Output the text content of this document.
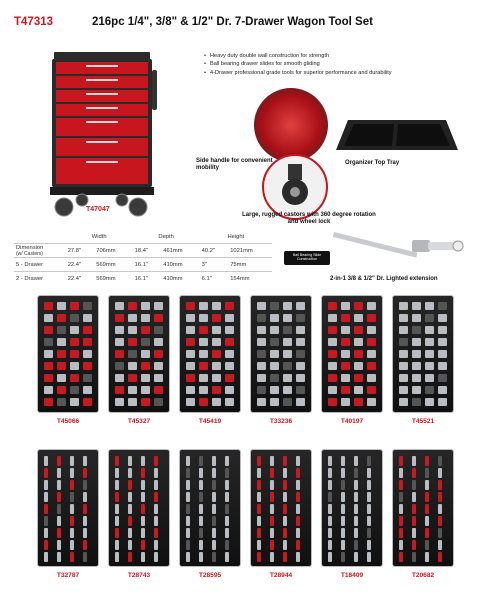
T47313	216pc 1/4", 3/8" & 1/2" Dr. 7-Drawer Wagon Tool Set
T47047
• Heavy duty double wall construction for strength
• Ball bearing drawer slides for smooth gliding
• 4-Drawer professional grade tools for superior performance and durability
Side handle for convenient mobility
Organizer Top Tray
Large, rugged castors with 360 degree rotation and wheel lock
	Width		Depth		Height	
Dimension
(w/ Casters)	27.8"	706mm	18.4"	461mm	40.2"	1021mm
5 - Drawer	22.4"	569mm	16.1"	410mm	3"	75mm
2 - Drawer	22.4"	569mm	16.1"	410mm	6.1"	154mm
Ball Bearing Slide Construction
2-in-1 3/8 & 1/2" Dr. Lighted extension
T45066	T45327	T45419	T33236	T40197	T45521
T32787	T28743	T28595	T28944	T18409	T20682
